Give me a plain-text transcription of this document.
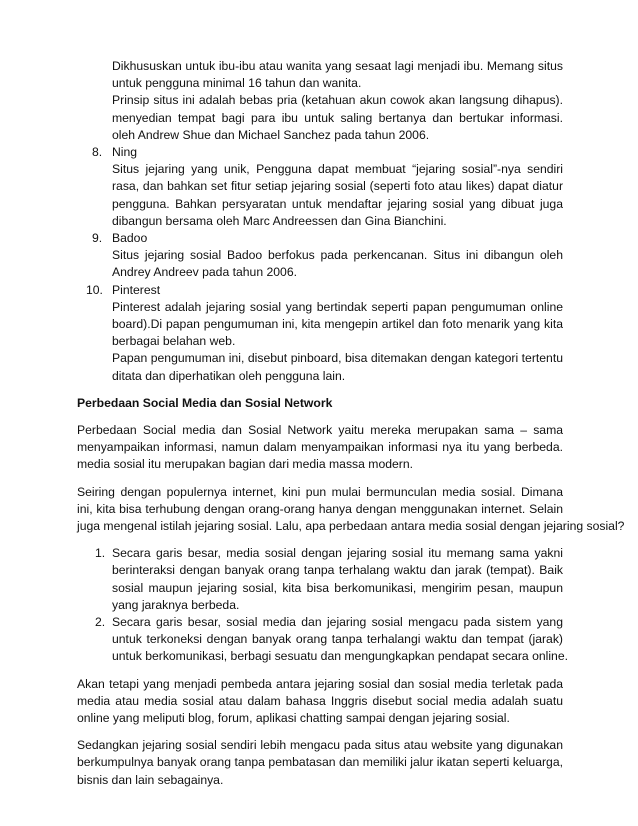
Dikhususkan untuk ibu-ibu atau wanita yang sesaat lagi menjadi ibu. Memang situs
untuk pengguna minimal 16 tahun dan wanita.
Prinsip situs ini adalah bebas pria (ketahuan akun cowok akan langsung dihapus).
menyedian tempat bagi para ibu untuk saling bertanya dan bertukar informasi.
oleh Andrew Shue dan Michael Sanchez pada tahun 2006.
8. Ning
Situs jejaring yang unik, Pengguna dapat membuat “jejaring sosial”-nya sendiri
rasa, dan bahkan set fitur setiap jejaring sosial (seperti foto atau likes) dapat diatur
pengguna. Bahkan persyaratan untuk mendaftar jejaring sosial yang dibuat juga
dibangun bersama oleh Marc Andreessen dan Gina Bianchini.
9. Badoo
Situs jejaring sosial Badoo berfokus pada perkencanan. Situs ini dibangun oleh
Andrey Andreev pada tahun 2006.
10. Pinterest
Pinterest adalah jejaring sosial yang bertindak seperti papan pengumuman online
board).Di papan pengumuman ini, kita mengepin artikel dan foto menarik yang kita
berbagai belahan web.
Papan pengumuman ini, disebut pinboard, bisa ditemakan dengan kategori tertentu
ditata dan diperhatikan oleh pengguna lain.
Perbedaan Social Media dan Sosial Network
Perbedaan Social media dan Sosial Network yaitu mereka merupakan sama – sama
menyampaikan informasi, namun dalam menyampaikan informasi nya itu yang berbeda.
media sosial itu merupakan bagian dari media massa modern.
Seiring dengan populernya internet, kini pun mulai bermunculan media sosial. Dimana
ini, kita bisa terhubung dengan orang-orang hanya dengan menggunakan internet. Selain
juga mengenal istilah jejaring sosial. Lalu, apa perbedaan antara media sosial dengan jejaring sosial?
1. Secara garis besar, media sosial dengan jejaring sosial itu memang sama yakni
berinteraksi dengan banyak orang tanpa terhalang waktu dan jarak (tempat). Baik
sosial maupun jejaring sosial, kita bisa berkomunikasi, mengirim pesan, maupun
yang jaraknya berbeda.
2. Secara garis besar, sosial media dan jejaring sosial mengacu pada sistem yang
untuk terkoneksi dengan banyak orang tanpa terhalangi waktu dan tempat (jarak)
untuk berkomunikasi, berbagi sesuatu dan mengungkapkan pendapat secara online.
Akan tetapi yang menjadi pembeda antara jejaring sosial dan sosial media terletak pada
media atau media sosial atau dalam bahasa Inggris disebut social media adalah suatu
online yang meliputi blog, forum, aplikasi chatting sampai dengan jejaring sosial.
Sedangkan jejaring sosial sendiri lebih mengacu pada situs atau website yang digunakan
berkumpulnya banyak orang tanpa pembatasan dan memiliki jalur ikatan seperti keluarga,
bisnis dan lain sebagainya.
